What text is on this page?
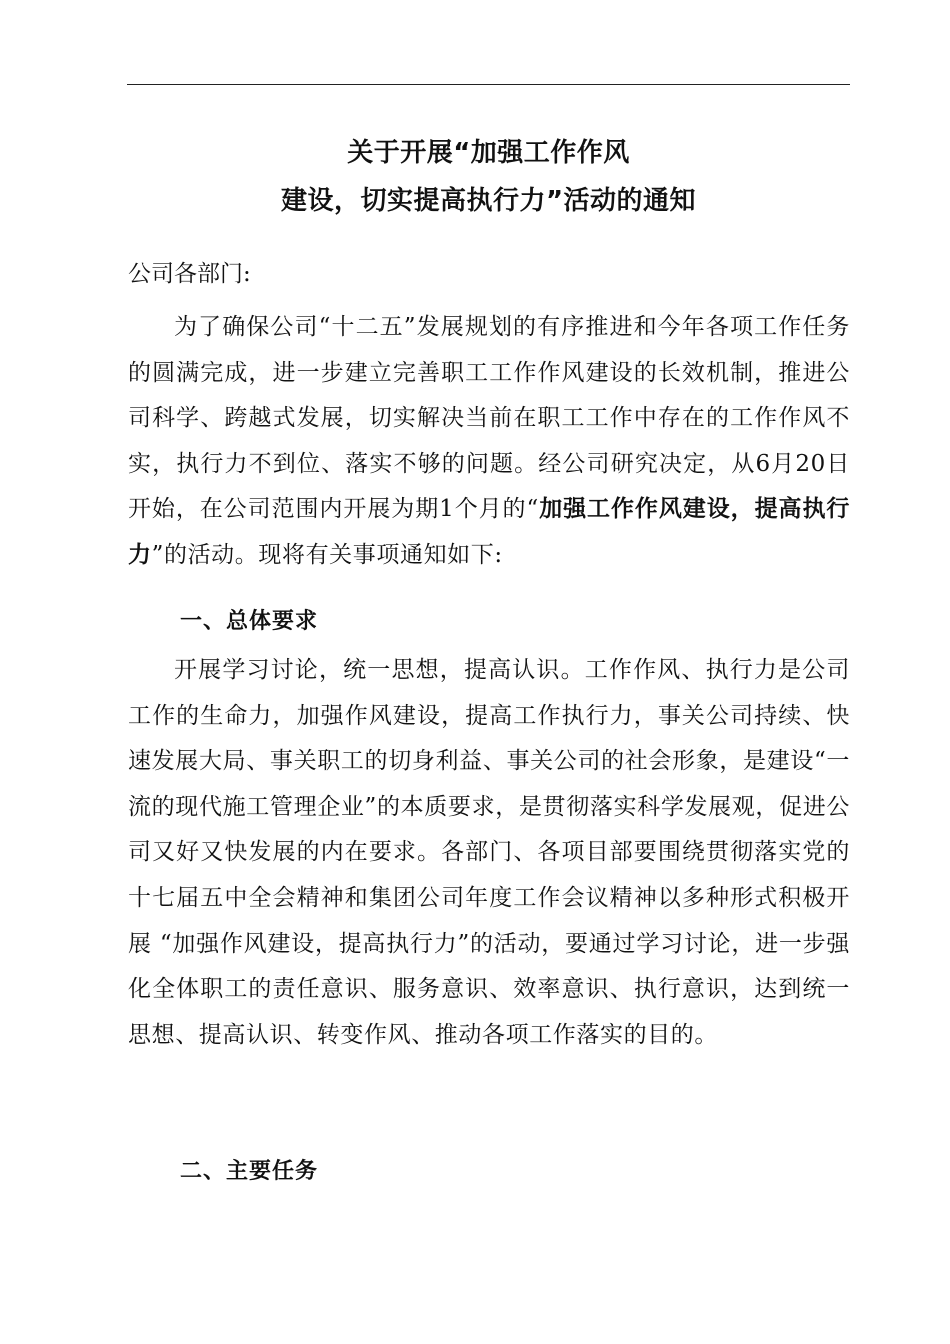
关于开展“加强工作作风
建设，切实提高执行力”活动的通知
公司各部门:

为了确保公司“十二五”发展规划的有序推进和今年各项工作任务的圆满完成，进一步建立完善职工工作作风建设的长效机制，推进公司科学、跨越式发展，切实解决当前在职工工作中存在的工作作风不实，执行力不到位、落实不够的问题。经公司研究决定，从6月20日开始，在公司范围内开展为期1个月的“加强工作作风建设，提高执行力”的活动。现将有关事项通知如下:

一、总体要求

开展学习讨论，统一思想，提高认识。工作作风、执行力是公司工作的生命力，加强作风建设，提高工作执行力，事关公司持续、快速发展大局、事关职工的切身利益、事关公司的社会形象，是建设“一流的现代施工管理企业”的本质要求，是贯彻落实科学发展观，促进公司又好又快发展的内在要求。各部门、各项目部要围绕贯彻落实党的十七届五中全会精神和集团公司年度工作会议精神以多种形式积极开展 “加强作风建设，提高执行力”的活动，要通过学习讨论，进一步强化全体职工的责任意识、服务意识、效率意识、执行意识，达到统一思想、提高认识、转变作风、推动各项工作落实的目的。

二、主要任务
